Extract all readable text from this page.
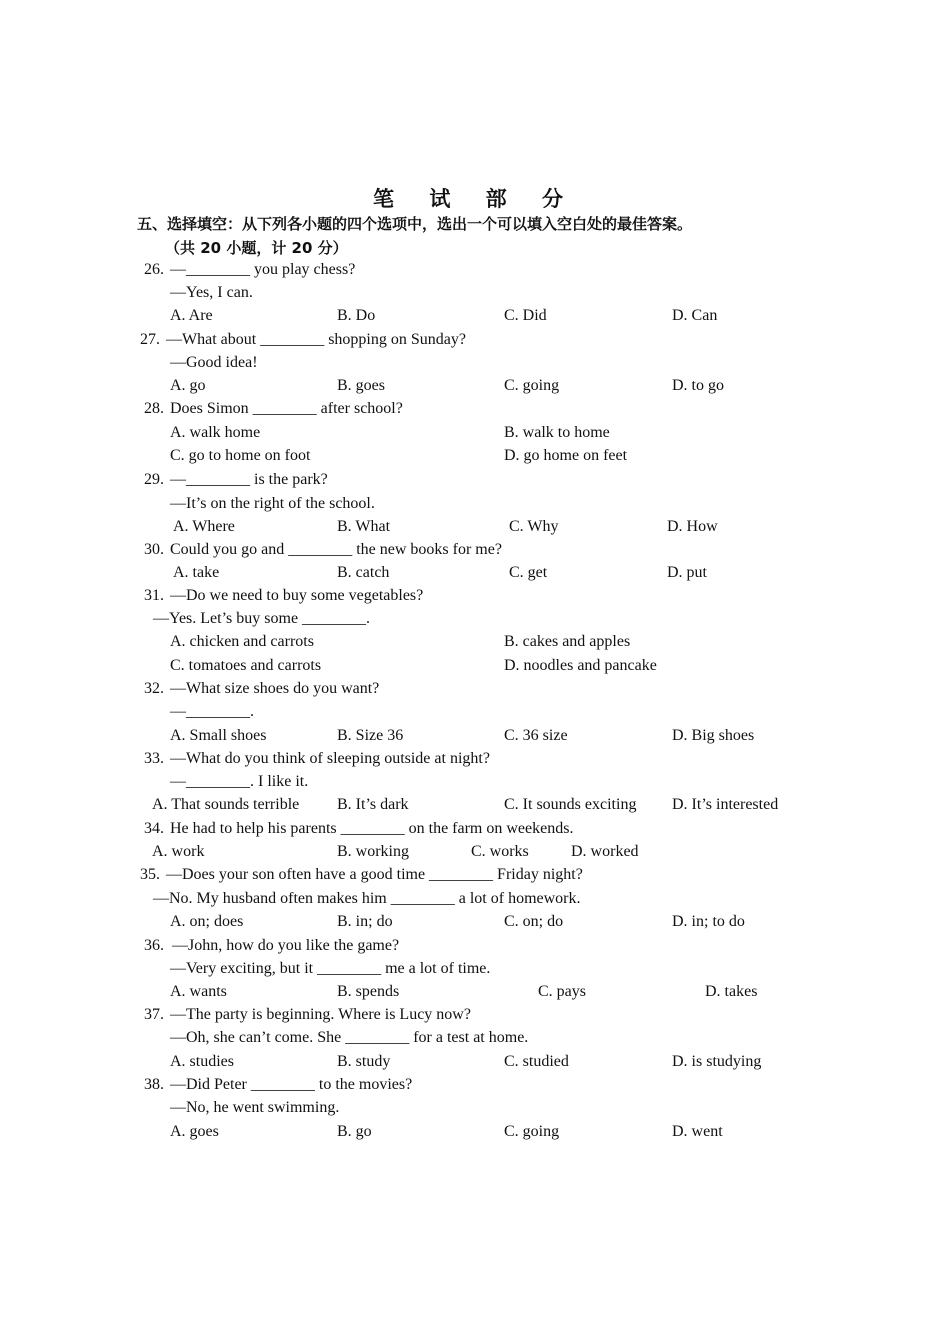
笔 试 部 分
五、选择填空：从下列各小题的四个选项中，选出一个可以填入空白处的最佳答案。
（共 20 小题，计 20 分）
26. —________ you play chess?
—Yes, I can.
A. Are	B. Do	C. Did	D. Can
27. —What about ________ shopping on Sunday?
—Good idea!
A. go	B. goes	C. going	D. to go
28. Does Simon ________ after school?
A. walk home	B. walk to home
C. go to home on foot	D. go home on feet
29. —________ is the park?
—It’s on the right of the school.
A. Where	B. What	C. Why	D. How
30. Could you go and ________ the new books for me?
A. take	B. catch	C. get	D. put
31. —Do we need to buy some vegetables?
—Yes. Let’s buy some ________.
A. chicken and carrots	B. cakes and apples
C. tomatoes and carrots	D. noodles and pancake
32. —What size shoes do you want?
—________.
A. Small shoes	B. Size 36	C. 36 size	D. Big shoes
33. —What do you think of sleeping outside at night?
—________. I like it.
A. That sounds terrible B. It’s dark	C. It sounds exciting D. It’s interested
34. He had to help his parents ________ on the farm on weekends.
A. work	B. working	C. works	D. worked
35. —Does your son often have a good time ________ Friday night?
—No. My husband often makes him ________ a lot of homework.
A. on; does	B. in; do	C. on; do	D. in; to do
36. —John, how do you like the game?
—Very exciting, but it ________ me a lot of time.
A. wants	B. spends	C. pays	D. takes
37. —The party is beginning. Where is Lucy now?
—Oh, she can’t come. She ________ for a test at home.
A. studies	B. study	C. studied	D. is studying
38. —Did Peter ________ to the movies?
—No, he went swimming.
A. goes	B. go	C. going	D. went
